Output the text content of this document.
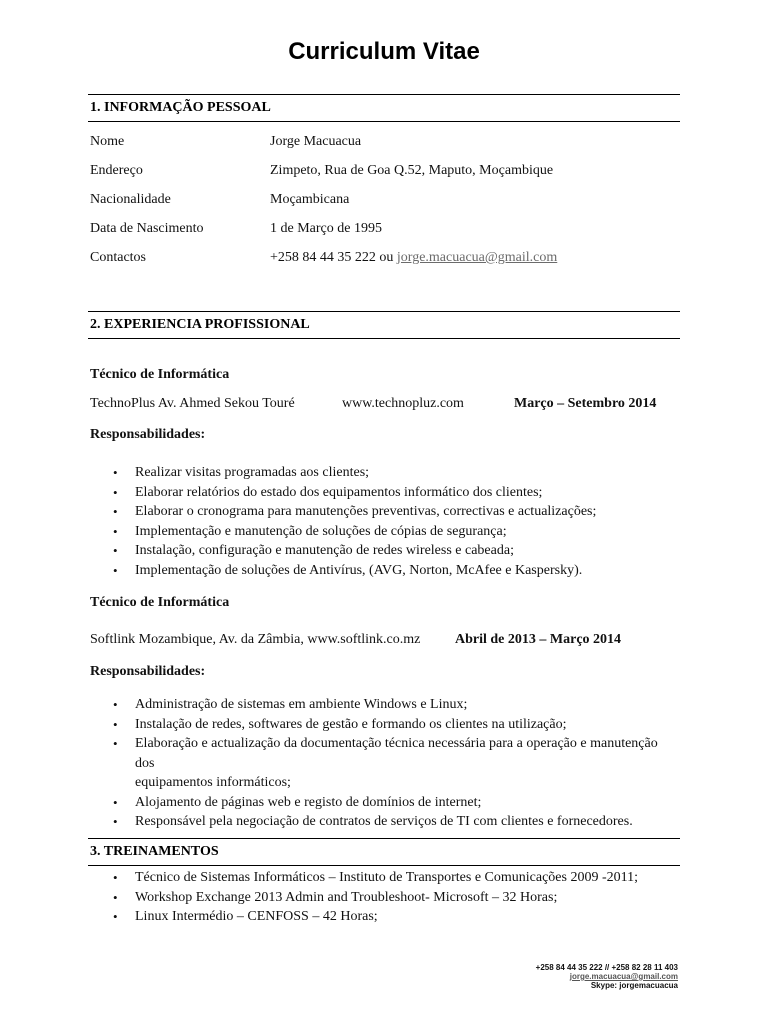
Curriculum Vitae
1. INFORMAÇÃO PESSOAL
Nome	Jorge Macuacua
Endereço	Zimpeto, Rua de Goa Q.52, Maputo, Moçambique
Nacionalidade	Moçambicana
Data de Nascimento	1 de Março de 1995
Contactos	+258 84 44 35 222 ou jorge.macuacua@gmail.com
2. EXPERIENCIA PROFISSIONAL
Técnico de Informática
TechnoPlus Av. Ahmed Sekou Touré	www.technopluz.com	Março – Setembro 2014
Responsabilidades:
• Realizar visitas programadas aos clientes;
• Elaborar relatórios do estado dos equipamentos informático dos clientes;
• Elaborar o cronograma para manutenções preventivas, correctivas e actualizações;
• Implementação e manutenção de soluções de cópias de segurança;
• Instalação, configuração e manutenção de redes wireless e cabeada;
• Implementação de soluções de Antivírus, (AVG, Norton, McAfee e Kaspersky).
Técnico de Informática
Softlink Mozambique, Av. da Zâmbia, www.softlink.co.mz Abril de 2013 – Março 2014
Responsabilidades:
• Administração de sistemas em ambiente Windows e Linux;
• Instalação de redes, softwares de gestão e formando os clientes na utilização;
• Elaboração e actualização da documentação técnica necessária para a operação e manutenção dos
equipamentos informáticos;
• Alojamento de páginas web e registo de domínios de internet;
• Responsável pela negociação de contratos de serviços de TI com clientes e fornecedores.
3. TREINAMENTOS
• Técnico de Sistemas Informáticos – Instituto de Transportes e Comunicações 2009 -2011;
• Workshop Exchange 2013 Admin and Troubleshoot- Microsoft – 32 Horas;
• Linux Intermédio – CENFOSS – 42 Horas;
+258 84 44 35 222 // +258 82 28 11 403
jorge.macuacua@gmail.com
Skype: jorgemacuacua
